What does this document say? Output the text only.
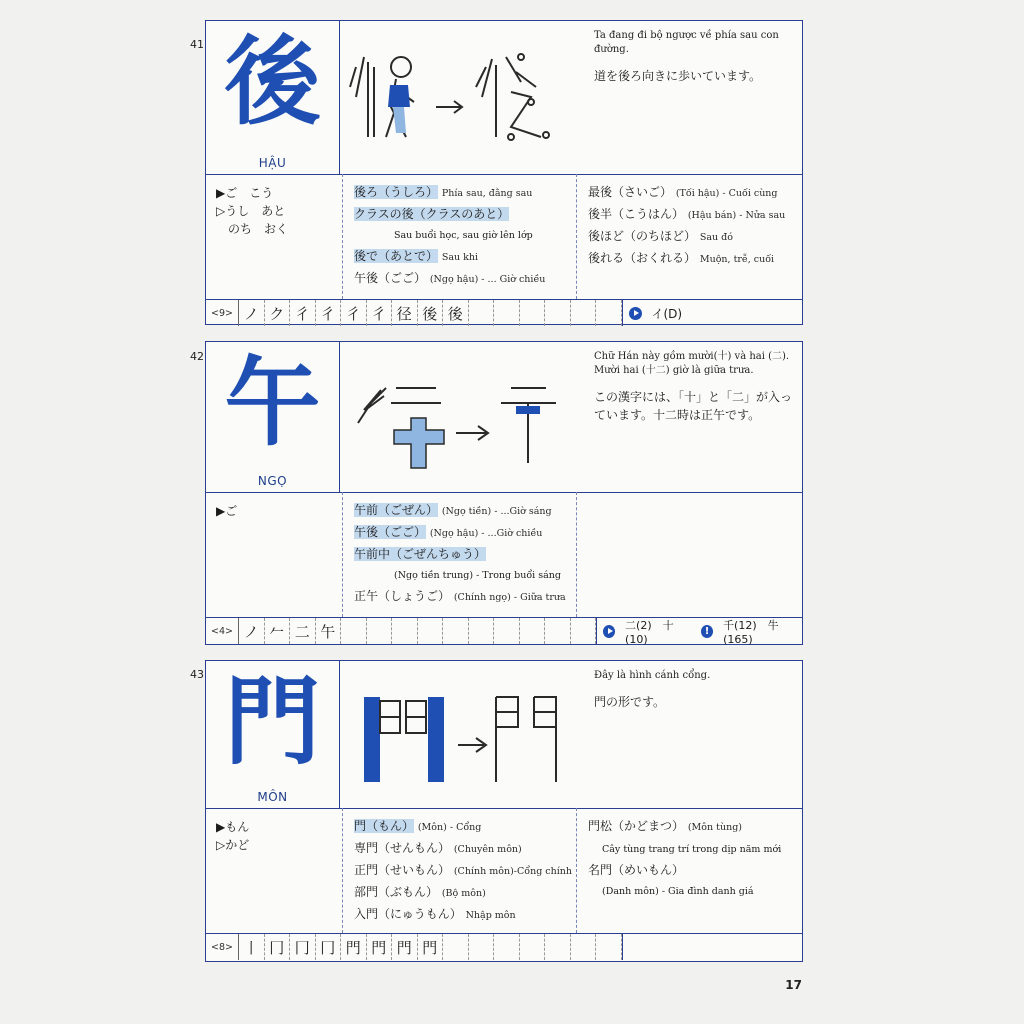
41 後
HẬU
Ta đang đi bộ ngược về phía sau con đường.
道を後ろ向きに歩いています。
▶ご　こう
▷うし　あと
　のち　おく
後ろ（うしろ） Phía sau, đằng sau
クラスの後（クラスのあと）
Sau buổi học, sau giờ lên lớp
後で（あとで） Sau khi
午後（ごご） (Ngọ hậu) - ... Giờ chiều
最後（さいご） (Tối hậu) - Cuối cùng
後半（こうはん） (Hậu bán) - Nửa sau
後ほど（のちほど） Sau đó
後れる（おくれる） Muộn, trễ, cuối
<9> ノ ク 彳 彳 彳 彳 径 後 後	イ(D)
42 午
NGỌ
Chữ Hán này gồm mười(十) và hai (二). Mười hai (十二) giờ là giữa trưa.
この漢字には、「十」と「二」が入っています。十二時は正午です。
▶ご	午前（ごぜん） (Ngọ tiền) - ...Giờ sáng
午後（ごご） (Ngọ hậu) - ...Giờ chiều
午前中（ごぜんちゅう）
(Ngọ tiền trung) - Trong buổi sáng
正午（しょうご） (Chính ngọ) - Giữa trưa
<4> ノ 𠂉 二 午	二(2)　十(10)
!	千(12)　牛(165)
43 門
MÔN
Đây là hình cánh cổng.
門の形です。
▶もん
▷かど
門（もん） (Môn) - Cổng
専門（せんもん） (Chuyên môn)
正門（せいもん） (Chính môn)-Cổng chính
部門（ぶもん） (Bộ môn)
入門（にゅうもん） Nhập môn
門松（かどまつ） (Môn tùng)
Cây tùng trang trí trong dịp năm mới
名門（めいもん）
(Danh môn) - Gia đình danh giá
<8> 丨 冂 冂 冂 門 門 門 門
17
